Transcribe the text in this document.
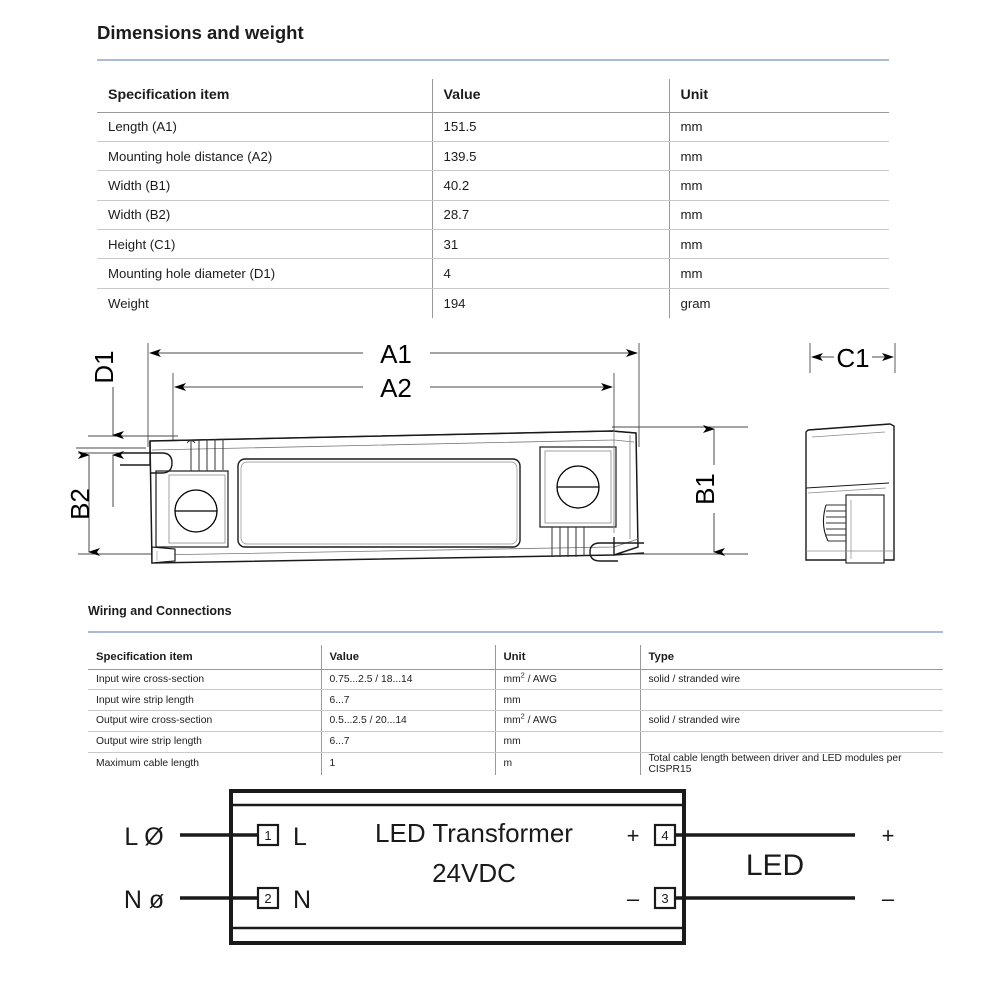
Dimensions and weight
Specification item	Value	Unit
Length (A1)	151.5	mm
Mounting hole distance (A2)	139.5	mm
Width (B1)	40.2	mm
Width (B2)	28.7	mm
Height (C1)	31	mm
Mounting hole diameter (D1)	4	mm
Weight	194	gram
A1
A2
D1
B2	B1
C1
Wiring and Connections
Specification item	Value	Unit	Type
Input wire cross-section	0.75...2.5 / 18...14	$mm^2$ / AWG	solid / stranded wire
Input wire strip length	6...7	mm	
Output wire cross-section	0.5...2.5 / 20...14	$mm^2$ / AWG	solid / stranded wire
Output wire strip length	6...7	mm	
Maximum cable length	1	m	Total cable length between driver and LED modules per CISPR15
1
L Ø	L
2
N ø	N
LED Transformer
24VDC
+ 4	+
– 3	–
LED
